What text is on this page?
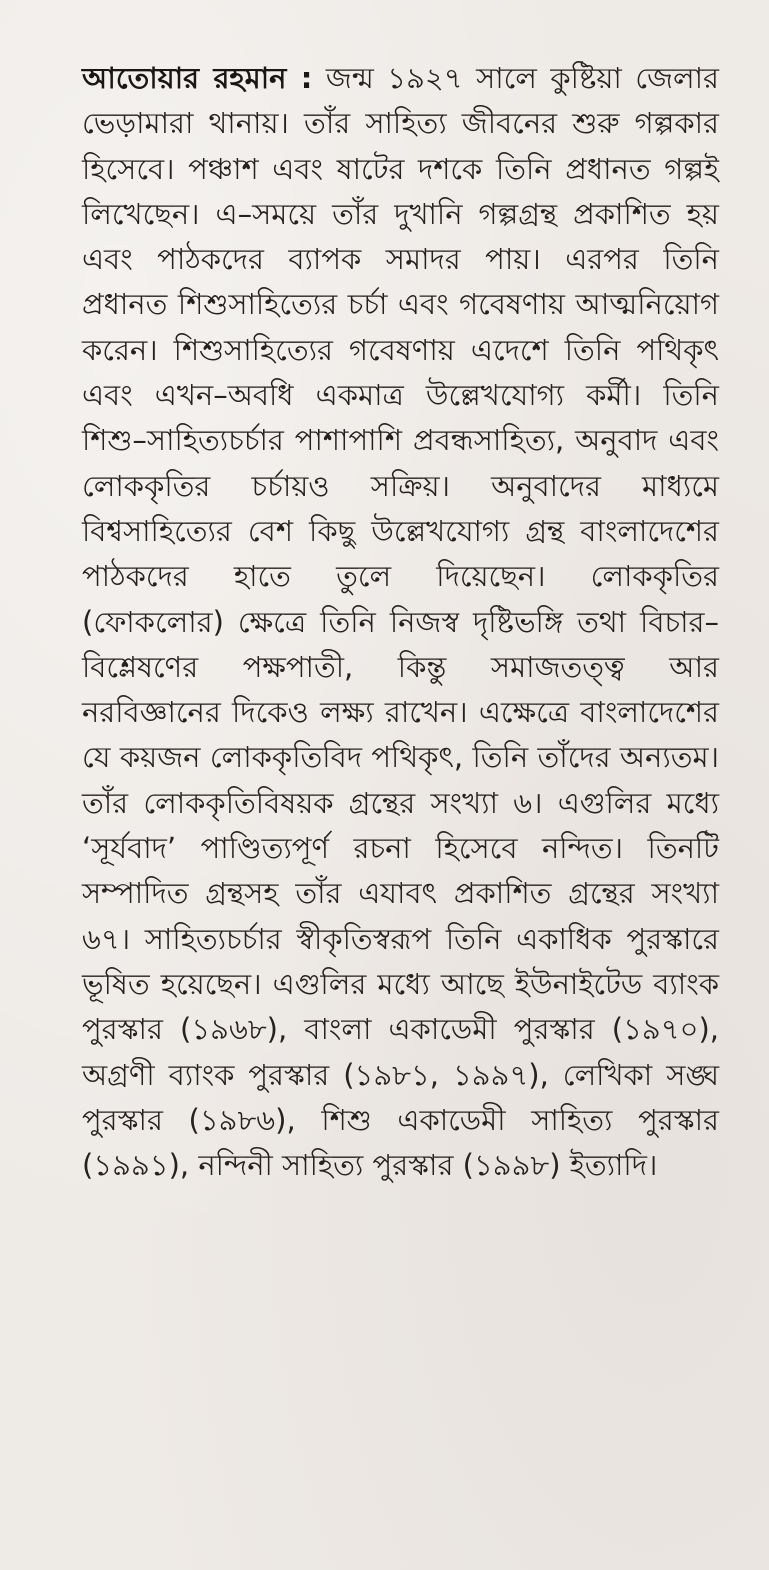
আতোয়ার রহমান : জন্ম ১৯২৭ সালে কুষ্টিয়া জেলার ভেড়ামারা থানায়। তাঁর সাহিত্য জীবনের শুরু গল্পকার হিসেবে। পঞ্চাশ এবং ষাটের দশকে তিনি প্রধানত গল্পই লিখেছেন। এ–সময়ে তাঁর দুখানি গল্পগ্রন্থ প্রকাশিত হয় এবং পাঠকদের ব্যাপক সমাদর পায়। এরপর তিনি প্রধানত শিশুসাহিত্যের চর্চা এবং গবেষণায় আত্মনিয়োগ করেন। শিশুসাহিত্যের গবেষণায় এদেশে তিনি পথিকৃৎ এবং এখন–অবধি একমাত্র উল্লেখযোগ্য কর্মী। তিনি শিশু–সাহিত্যচর্চার পাশাপাশি প্রবন্ধসাহিত্য, অনুবাদ এবং লোককৃতির চর্চায়ও সক্রিয়। অনুবাদের মাধ্যমে বিশ্বসাহিত্যের বেশ কিছু উল্লেখযোগ্য গ্রন্থ বাংলাদেশের পাঠকদের হাতে তুলে দিয়েছেন। লোককৃতির (ফোকলোর) ক্ষেত্রে তিনি নিজস্ব দৃষ্টিভঙ্গি তথা বিচার–বিশ্লেষণের পক্ষপাতী, কিন্তু সমাজতত্ত্ব আর নরবিজ্ঞানের দিকেও লক্ষ্য রাখেন। এক্ষেত্রে বাংলাদেশের যে কয়জন লোককৃতিবিদ পথিকৃৎ, তিনি তাঁদের অন্যতম। তাঁর লোককৃতিবিষয়ক গ্রন্থের সংখ্যা ৬। এগুলির মধ্যে ‘সূর্যবাদ’ পাণ্ডিত্যপূর্ণ রচনা হিসেবে নন্দিত। তিনটি সম্পাদিত গ্রন্থসহ তাঁর এযাবৎ প্রকাশিত গ্রন্থের সংখ্যা ৬৭। সাহিত্যচর্চার স্বীকৃতিস্বরূপ তিনি একাধিক পুরস্কারে ভূষিত হয়েছেন। এগুলির মধ্যে আছে ইউনাইটেড ব্যাংক পুরস্কার (১৯৬৮), বাংলা একাডেমী পুরস্কার (১৯৭০), অগ্রণী ব্যাংক পুরস্কার (১৯৮১, ১৯৯৭), লেখিকা সঙ্ঘ পুরস্কার (১৯৮৬), শিশু একাডেমী সাহিত্য পুরস্কার (১৯৯১), নন্দিনী সাহিত্য পুরস্কার (১৯৯৮) ইত্যাদি।
